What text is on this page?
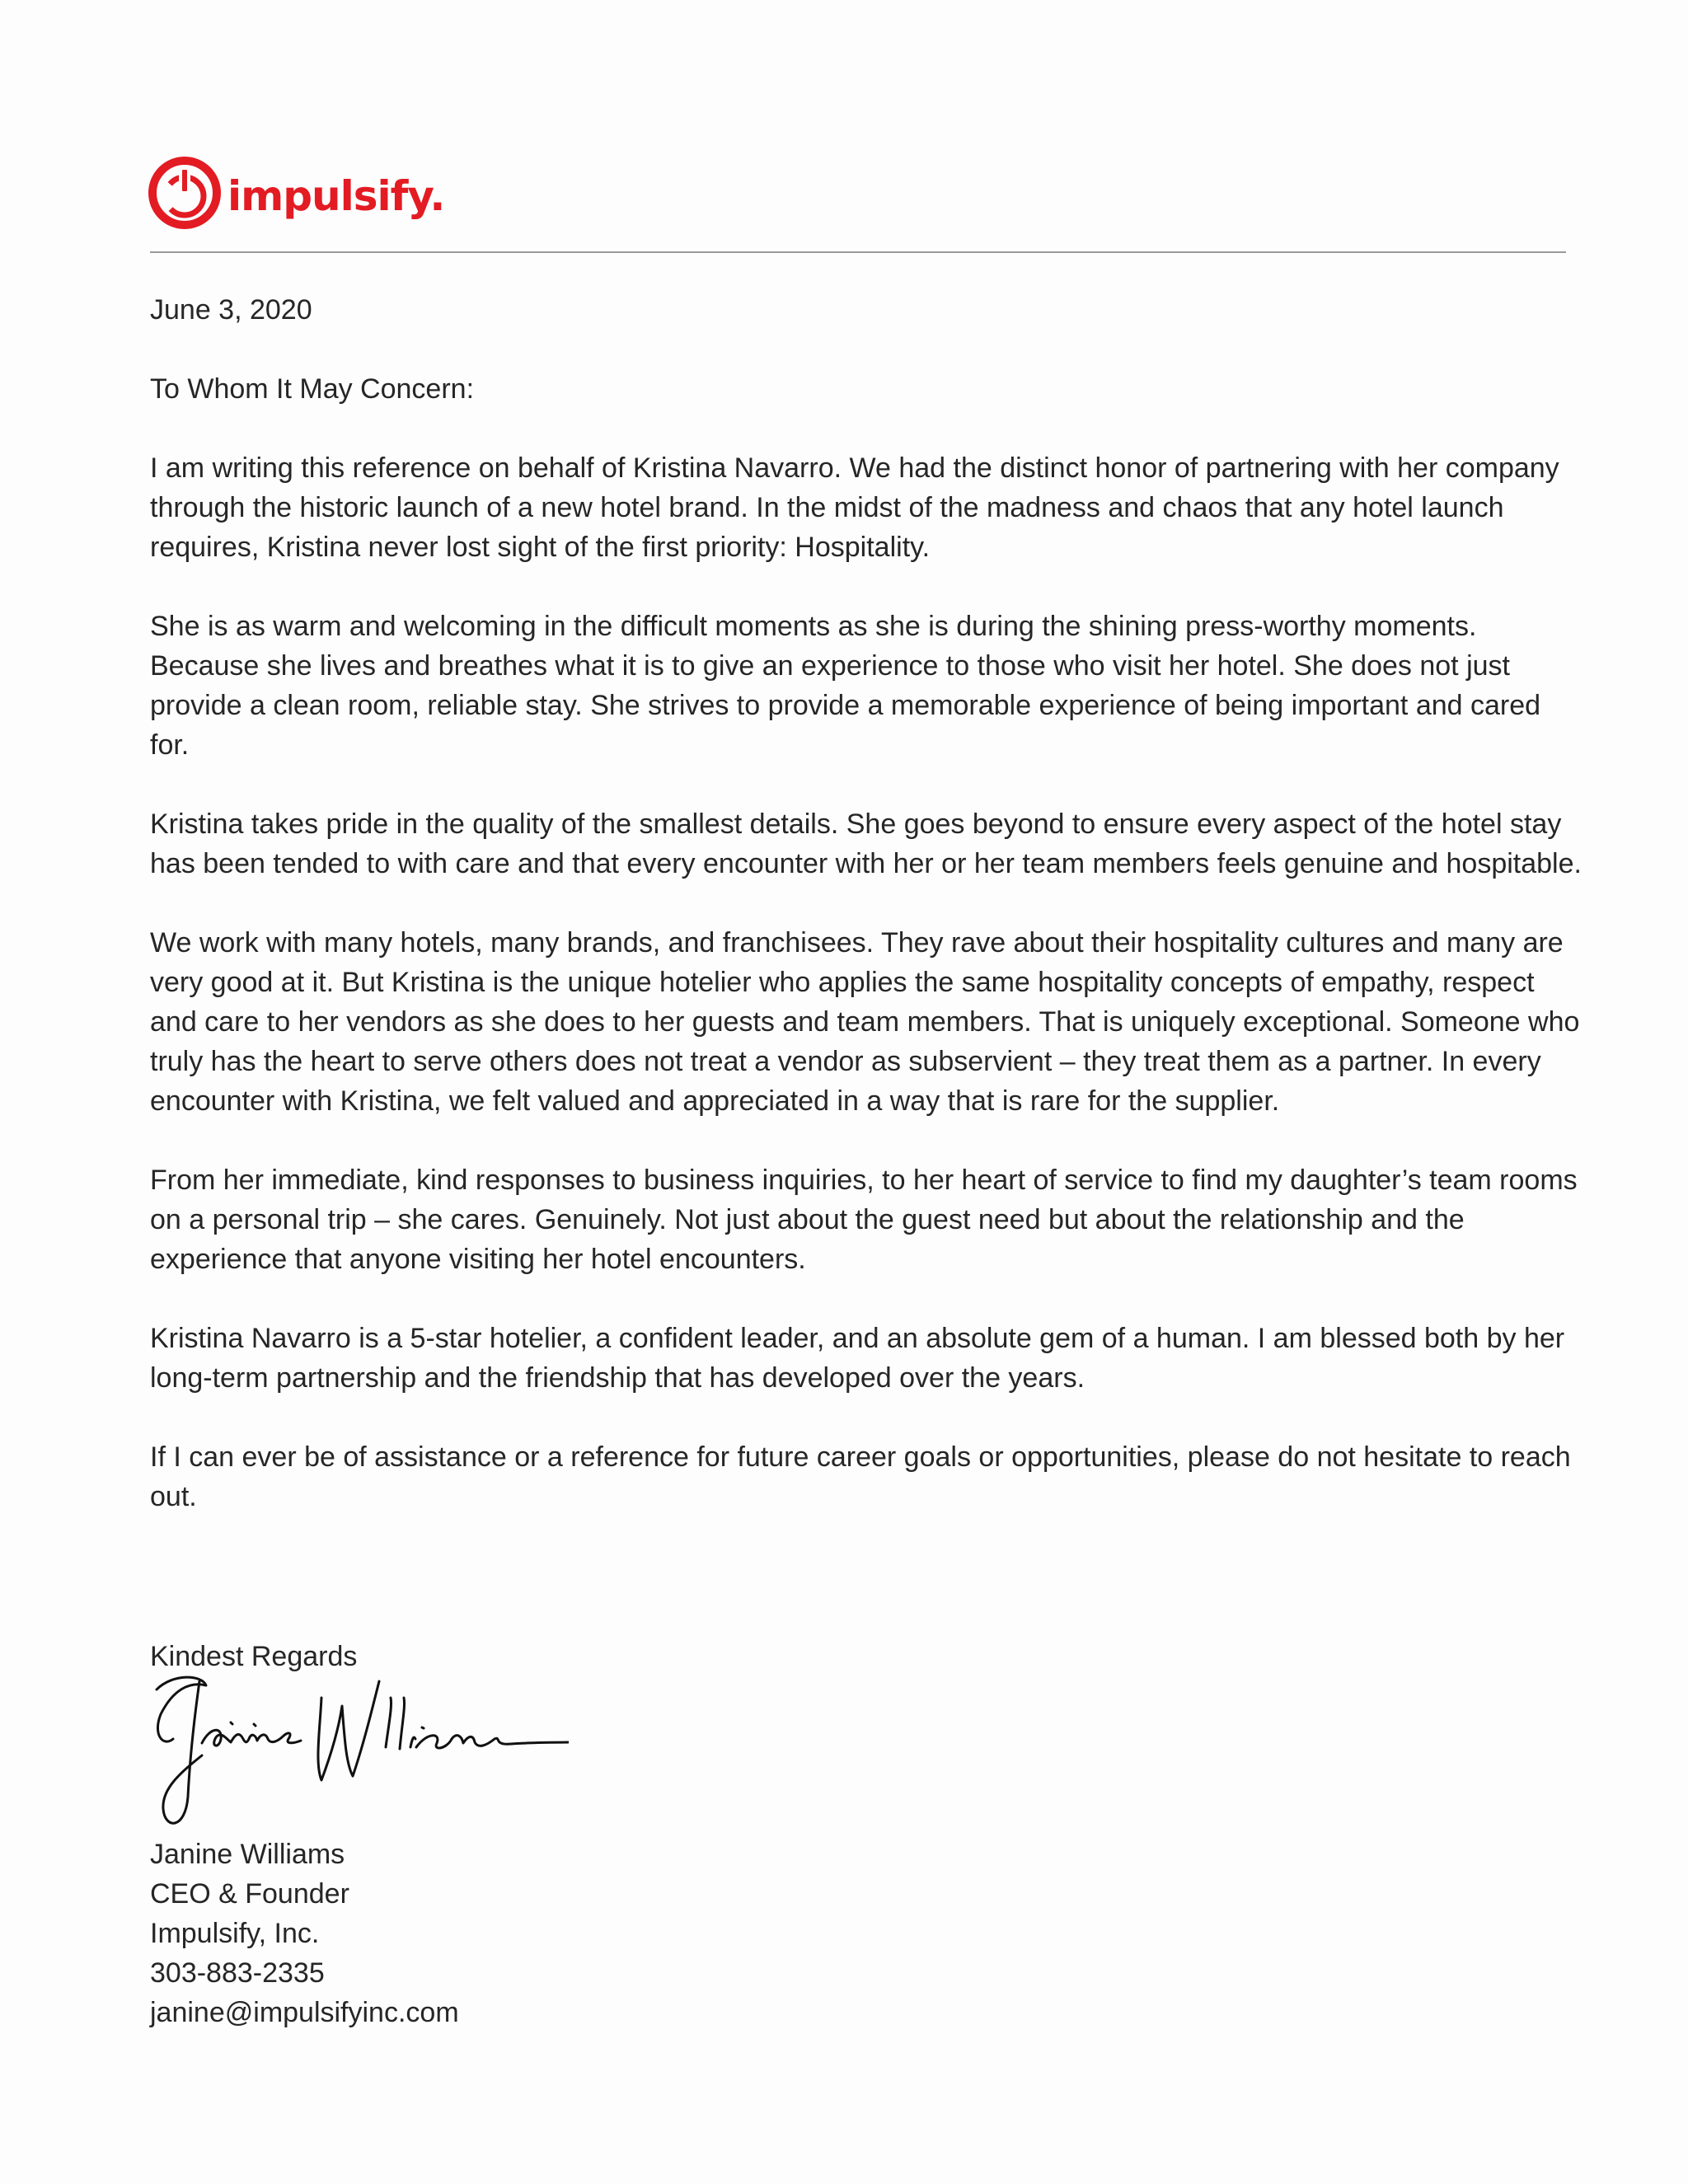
impulsify.

June 3, 2020

To Whom It May Concern:

I am writing this reference on behalf of Kristina Navarro. We had the distinct honor of partnering with her company through the historic launch of a new hotel brand. In the midst of the madness and chaos that any hotel launch requires, Kristina never lost sight of the first priority: Hospitality.

She is as warm and welcoming in the difficult moments as she is during the shining press-worthy moments. Because she lives and breathes what it is to give an experience to those who visit her hotel. She does not just provide a clean room, reliable stay. She strives to provide a memorable experience of being important and cared for.

Kristina takes pride in the quality of the smallest details. She goes beyond to ensure every aspect of the hotel stay has been tended to with care and that every encounter with her or her team members feels genuine and hospitable.

We work with many hotels, many brands, and franchisees. They rave about their hospitality cultures and many are very good at it. But Kristina is the unique hotelier who applies the same hospitality concepts of empathy, respect and care to her vendors as she does to her guests and team members. That is uniquely exceptional. Someone who truly has the heart to serve others does not treat a vendor as subservient – they treat them as a partner. In every encounter with Kristina, we felt valued and appreciated in a way that is rare for the supplier.

From her immediate, kind responses to business inquiries, to her heart of service to find my daughter’s team rooms on a personal trip – she cares. Genuinely. Not just about the guest need but about the relationship and the experience that anyone visiting her hotel encounters.

Kristina Navarro is a 5-star hotelier, a confident leader, and an absolute gem of a human. I am blessed both by her long-term partnership and the friendship that has developed over the years.

If I can ever be of assistance or a reference for future career goals or opportunities, please do not hesitate to reach out.

Kindest Regards
Janine Williams
CEO & Founder
Impulsify, Inc.
303-883-2335
janine@impulsifyinc.com
